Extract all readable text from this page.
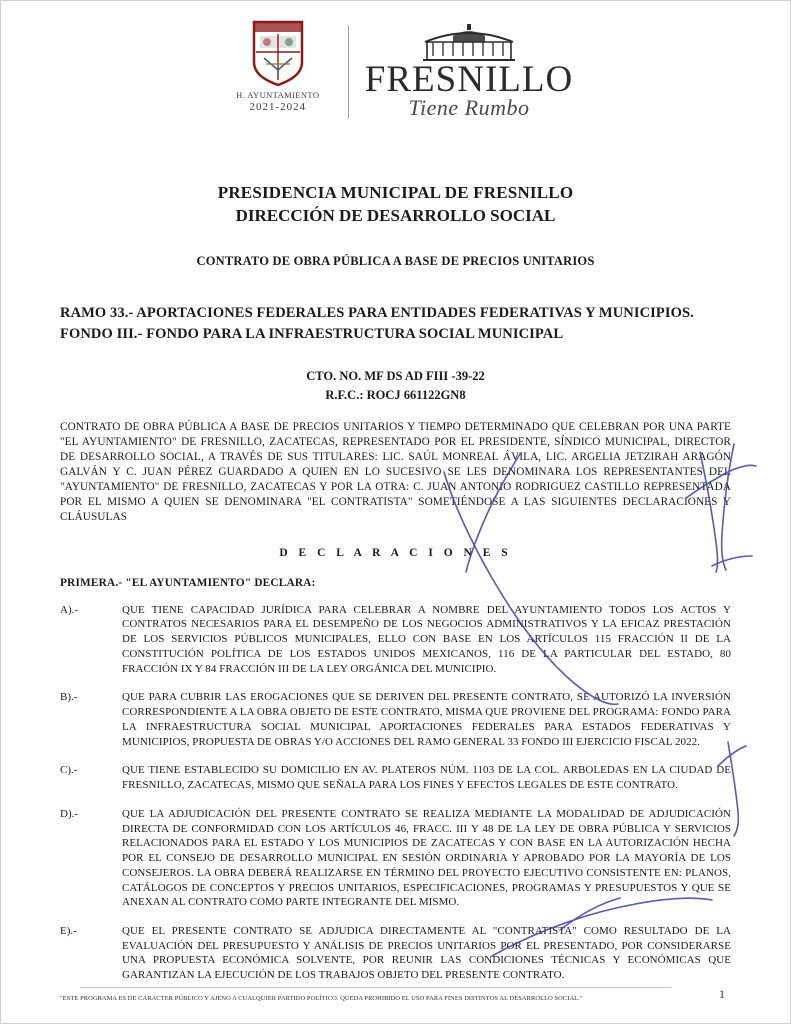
H. AYUNTAMIENTO
2021-2024
FRESNILLO
Tiene Rumbo
PRESIDENCIA MUNICIPAL DE FRESNILLO
DIRECCIÓN DE DESARROLLO SOCIAL
CONTRATO DE OBRA PÚBLICA A BASE DE PRECIOS UNITARIOS
RAMO 33.- APORTACIONES FEDERALES PARA ENTIDADES FEDERATIVAS Y MUNICIPIOS.
FONDO III.- FONDO PARA LA INFRAESTRUCTURA SOCIAL MUNICIPAL
CTO. NO. MF DS AD FIII -39-22
R.F.C.: ROCJ 661122GN8
CONTRATO DE OBRA PÚBLICA A BASE DE PRECIOS UNITARIOS Y TIEMPO DETERMINADO QUE CELEBRAN POR UNA PARTE "EL AYUNTAMIENTO" DE FRESNILLO, ZACATECAS, REPRESENTADO POR EL PRESIDENTE, SÍNDICO MUNICIPAL, DIRECTOR DE DESARROLLO SOCIAL, A TRAVÉS DE SUS TITULARES: LIC. SAÚL MONREAL ÁVILA, LIC. ARGELIA JETZIRAH ARAGÓN GALVÁN Y C. JUAN PÉREZ GUARDADO A QUIEN EN LO SUCESIVO SE LES DENOMINARA LOS REPRESENTANTES DEL "AYUNTAMIENTO" DE FRESNILLO, ZACATECAS Y POR LA OTRA: C. JUAN ANTONIO RODRIGUEZ CASTILLO REPRESENTADA POR EL MISMO A QUIEN SE DENOMINARA "EL CONTRATISTA" SOMETIÉNDOSE A LAS SIGUIENTES DECLARACIONES Y CLÁUSULAS
D E C L A R A C I O N E S
PRIMERA.- "EL AYUNTAMIENTO" DECLARA:
A).-	QUE TIENE CAPACIDAD JURÍDICA PARA CELEBRAR A NOMBRE DEL AYUNTAMIENTO TODOS LOS ACTOS Y CONTRATOS NECESARIOS PARA EL DESEMPEÑO DE LOS NEGOCIOS ADMINISTRATIVOS Y LA EFICAZ PRESTACIÓN DE LOS SERVICIOS PÚBLICOS MUNICIPALES, ELLO CON BASE EN LOS ARTÍCULOS 115 FRACCIÓN II DE LA CONSTITUCIÓN POLÍTICA DE LOS ESTADOS UNIDOS MEXICANOS, 116 DE LA PARTICULAR DEL ESTADO, 80 FRACCIÓN IX Y 84 FRACCIÓN III DE LA LEY ORGÁNICA DEL MUNICIPIO.
B).-	QUE PARA CUBRIR LAS EROGACIONES QUE SE DERIVEN DEL PRESENTE CONTRATO, SE AUTORIZÓ LA INVERSIÓN CORRESPONDIENTE A LA OBRA OBJETO DE ESTE CONTRATO, MISMA QUE PROVIENE DEL PROGRAMA: FONDO PARA LA INFRAESTRUCTURA SOCIAL MUNICIPAL APORTACIONES FEDERALES PARA ESTADOS FEDERATIVAS Y MUNICIPIOS, PROPUESTA DE OBRAS Y/O ACCIONES DEL RAMO GENERAL 33 FONDO III EJERCICIO FISCAL 2022.
C).-	QUE TIENE ESTABLECIDO SU DOMICILIO EN AV. PLATEROS NÚM. 1103 DE LA COL. ARBOLEDAS EN LA CIUDAD DE FRESNILLO, ZACATECAS, MISMO QUE SEÑALA PARA LOS FINES Y EFECTOS LEGALES DE ESTE CONTRATO.
D).-	QUE LA ADJUDICACIÓN DEL PRESENTE CONTRATO SE REALIZA MEDIANTE LA MODALIDAD DE ADJUDICACIÓN DIRECTA DE CONFORMIDAD CON LOS ARTÍCULOS 46, FRACC. III Y 48 DE LA LEY DE OBRA PÚBLICA Y SERVICIOS RELACIONADOS PARA EL ESTADO Y LOS MUNICIPIOS DE ZACATECAS Y CON BASE EN LA AUTORIZACIÓN HECHA POR EL CONSEJO DE DESARROLLO MUNICIPAL EN SESIÓN ORDINARIA Y APROBADO POR LA MAYORÍA DE LOS CONSEJEROS. LA OBRA DEBERÁ REALIZARSE EN TÉRMINO DEL PROYECTO EJECUTIVO CONSISTENTE EN: PLANOS, CATÁLOGOS DE CONCEPTOS Y PRECIOS UNITARIOS, ESPECIFICACIONES, PROGRAMAS Y PRESUPUESTOS Y QUE SE ANEXAN AL CONTRATO COMO PARTE INTEGRANTE DEL MISMO.
E).-	QUE EL PRESENTE CONTRATO SE ADJUDICA DIRECTAMENTE AL "CONTRATISTA" COMO RESULTADO DE LA EVALUACIÓN DEL PRESUPUESTO Y ANÁLISIS DE PRECIOS UNITARIOS POR EL PRESENTADO, POR CONSIDERARSE UNA PROPUESTA ECONÓMICA SOLVENTE, POR REUNIR LAS CONDICIONES TÉCNICAS Y ECONÓMICAS QUE GARANTIZAN LA EJECUCIÓN DE LOS TRABAJOS OBJETO DEL PRESENTE CONTRATO.
"ESTE PROGRAMA ES DE CARÁCTER PÚBLICO Y AJENO A CUALQUIER PARTIDO POLÍTICO. QUEDA PROHIBIDO EL USO PARA FINES DISTINTOS AL DESARROLLO SOCIAL."	1
